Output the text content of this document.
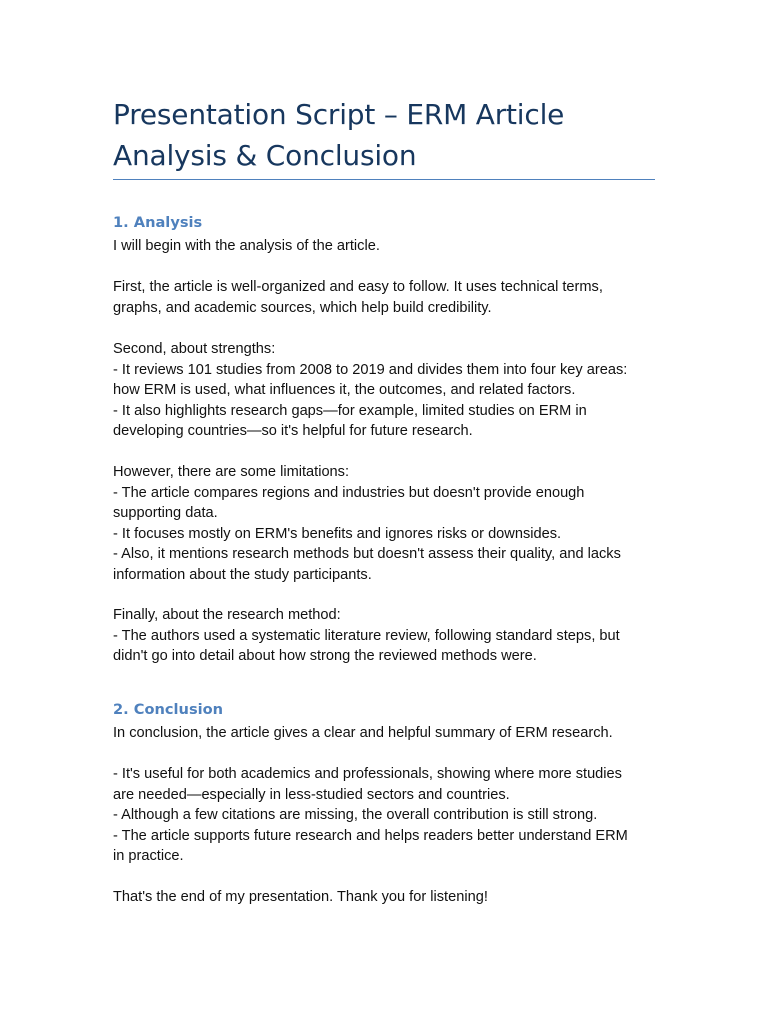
Presentation Script – ERM Article
Analysis & Conclusion
1. Analysis

I will begin with the analysis of the article.

First, the article is well-organized and easy to follow. It uses technical terms,
graphs, and academic sources, which help build credibility.

Second, about strengths:
- It reviews 101 studies from 2008 to 2019 and divides them into four key areas:
how ERM is used, what influences it, the outcomes, and related factors.
- It also highlights research gaps—for example, limited studies on ERM in
developing countries—so it's helpful for future research.

However, there are some limitations:
- The article compares regions and industries but doesn't provide enough
supporting data.
- It focuses mostly on ERM's benefits and ignores risks or downsides.
- Also, it mentions research methods but doesn't assess their quality, and lacks
information about the study participants.

Finally, about the research method:
- The authors used a systematic literature review, following standard steps, but
didn't go into detail about how strong the reviewed methods were.

2. Conclusion

In conclusion, the article gives a clear and helpful summary of ERM research.

- It's useful for both academics and professionals, showing where more studies
are needed—especially in less-studied sectors and countries.
- Although a few citations are missing, the overall contribution is still strong.
- The article supports future research and helps readers better understand ERM
in practice.

That's the end of my presentation. Thank you for listening!
